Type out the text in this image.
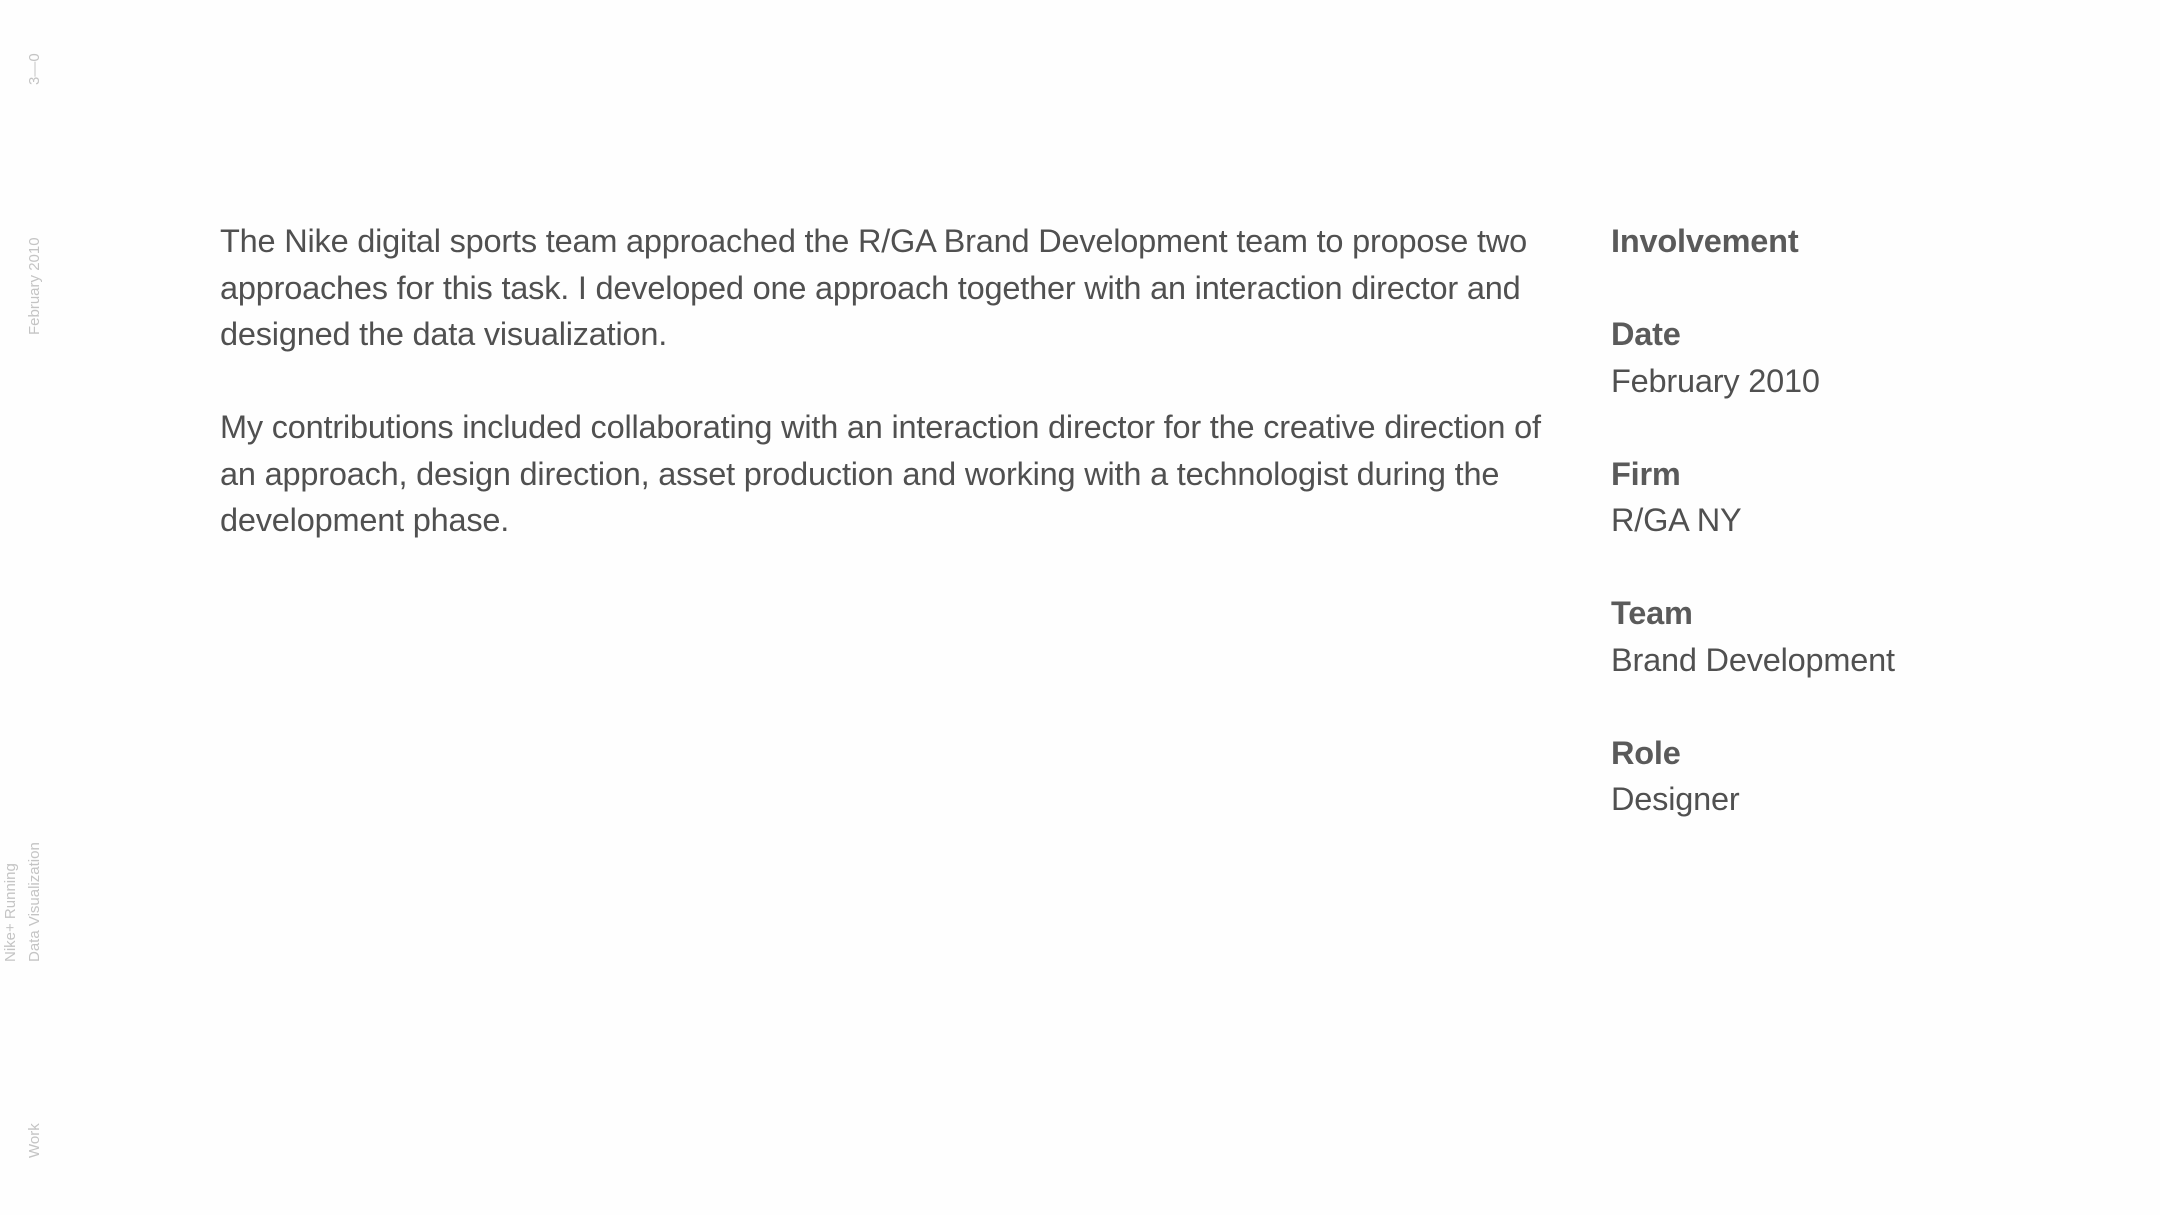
3—0
February 2010
Nike+ Running Data Visualization
Work

The Nike digital sports team approached the R/GA Brand Development team to propose two approaches for this task. I developed one approach together with an interaction director and designed the data visualization.

My contributions included collaborating with an interaction director for the creative direction of an approach, design direction, asset production and working with a technologist during the development phase.

Involvement
Date
February 2010
Firm
R/GA NY
Team
Brand Development
Role
Designer
